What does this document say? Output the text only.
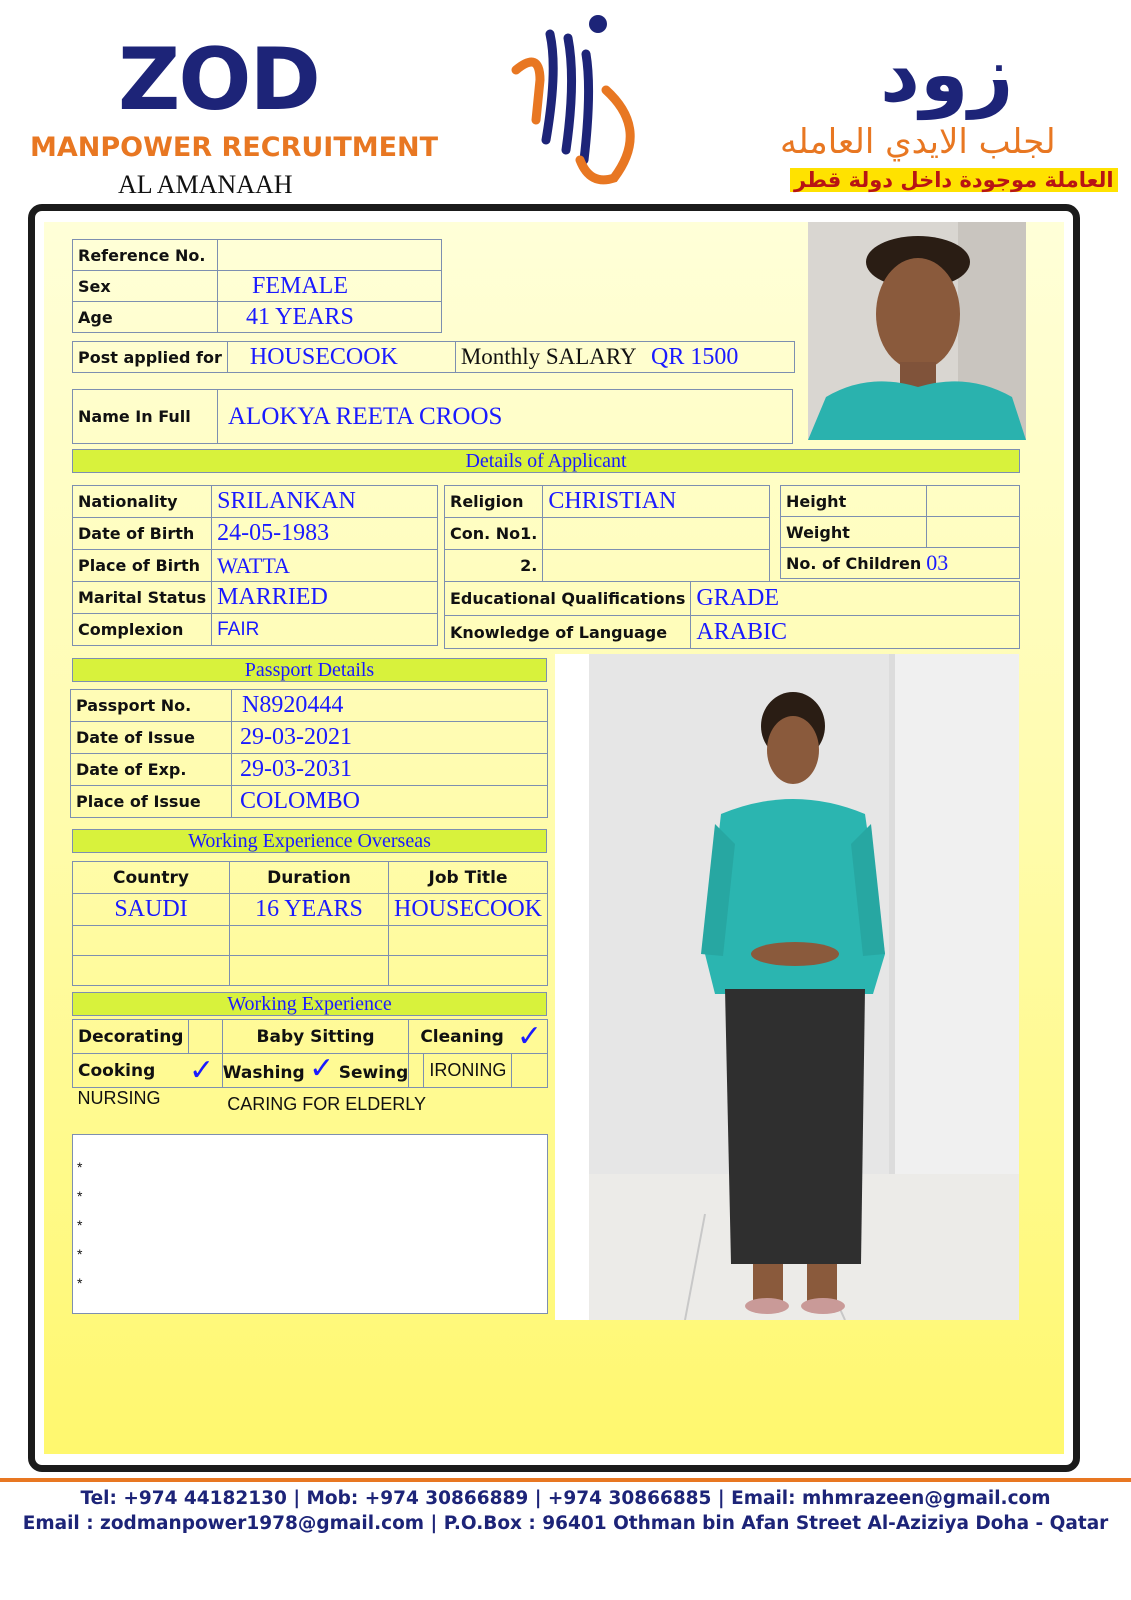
ZOD
MANPOWER RECRUITMENT
AL AMANAAH
زود
لجلب الايدي العامله
العاملة موجودة داخل دولة قطر
Reference No.	
Sex	FEMALE
Age	41 YEARS
Post applied for	HOUSECOOK	Monthly SALARY QR 1500
Name In Full	ALOKYA REETA CROOS
Details of Applicant
Nationality	SRILANKAN
Date of Birth	24-05-1983
Place of Birth	WATTA
Marital Status	MARRIED
Complexion	FAIR
Religion	CHRISTIAN
Con. No1.	
2.	
Height	
Weight	
No. of Children	03
Educational Qualifications	GRADE
Knowledge of Language	ARABIC
Passport Details
Passport No.	N8920444
Date of Issue	29-03-2021
Date of Exp.	29-03-2031
Place of Issue	COLOMBO
Working Experience Overseas
Country	Duration	Job Title
SAUDI	16 YEARS	HOUSECOOK

Working Experience
Decorating		Baby Sitting	Cleaning		✓
Cooking	✓	Washing ✓ Sewing		IRONING	
NURSING		CARING FOR ELDERLY			
*
*
*
*
*
Tel: +974 44182130 | Mob: +974 30866889 | +974 30866885 | Email: mhmrazeen@gmail.com
Email : zodmanpower1978@gmail.com | P.O.Box : 96401 Othman bin Afan Street Al-Aziziya Doha - Qatar
